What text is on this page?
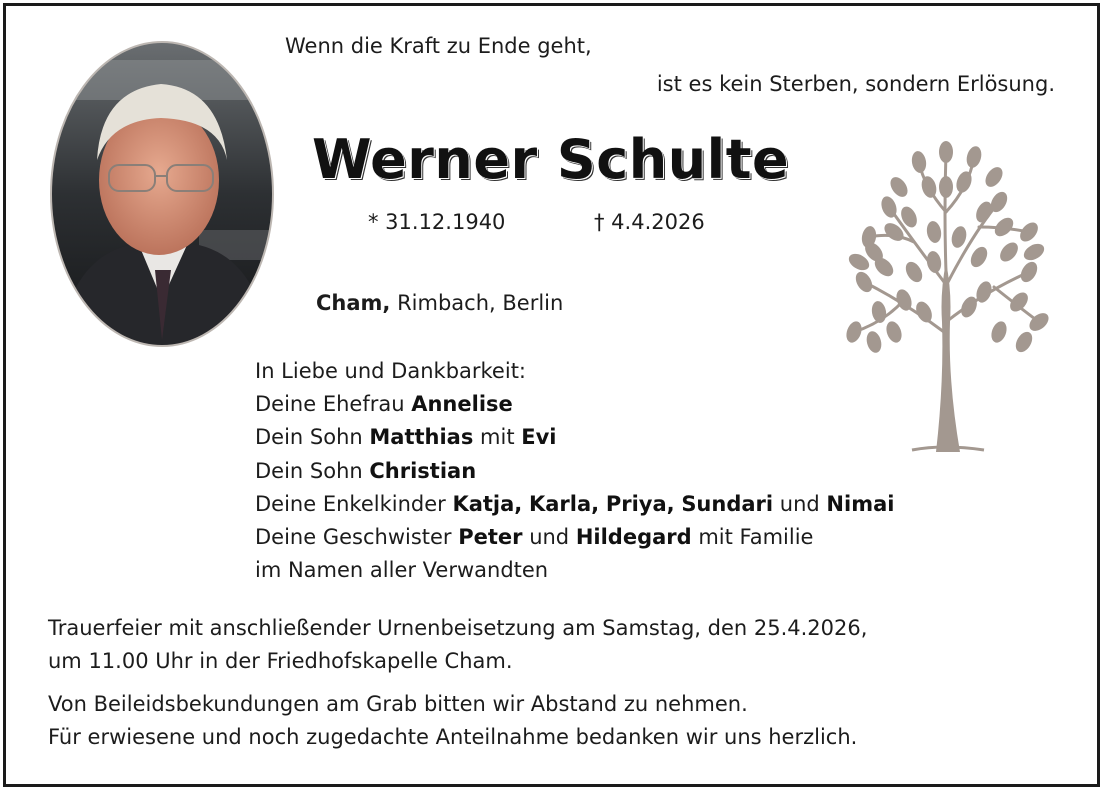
Wenn die Kraft zu Ende geht,
ist es kein Sterben, sondern Erlösung.
Werner Schulte
* 31.12.1940	† 4.4.2026
Cham, Rimbach, Berlin
In Liebe und Dankbarkeit:
Deine Ehefrau Annelise
Dein Sohn Matthias mit Evi
Dein Sohn Christian
Deine Enkelkinder Katja, Karla, Priya, Sundari und Nimai
Deine Geschwister Peter und Hildegard mit Familie
im Namen aller Verwandten
Trauerfeier mit anschließender Urnenbeisetzung am Samstag, den 25.4.2026,
um 11.00 Uhr in der Friedhofskapelle Cham.
Von Beileidsbekundungen am Grab bitten wir Abstand zu nehmen.
Für erwiesene und noch zugedachte Anteilnahme bedanken wir uns herzlich.
